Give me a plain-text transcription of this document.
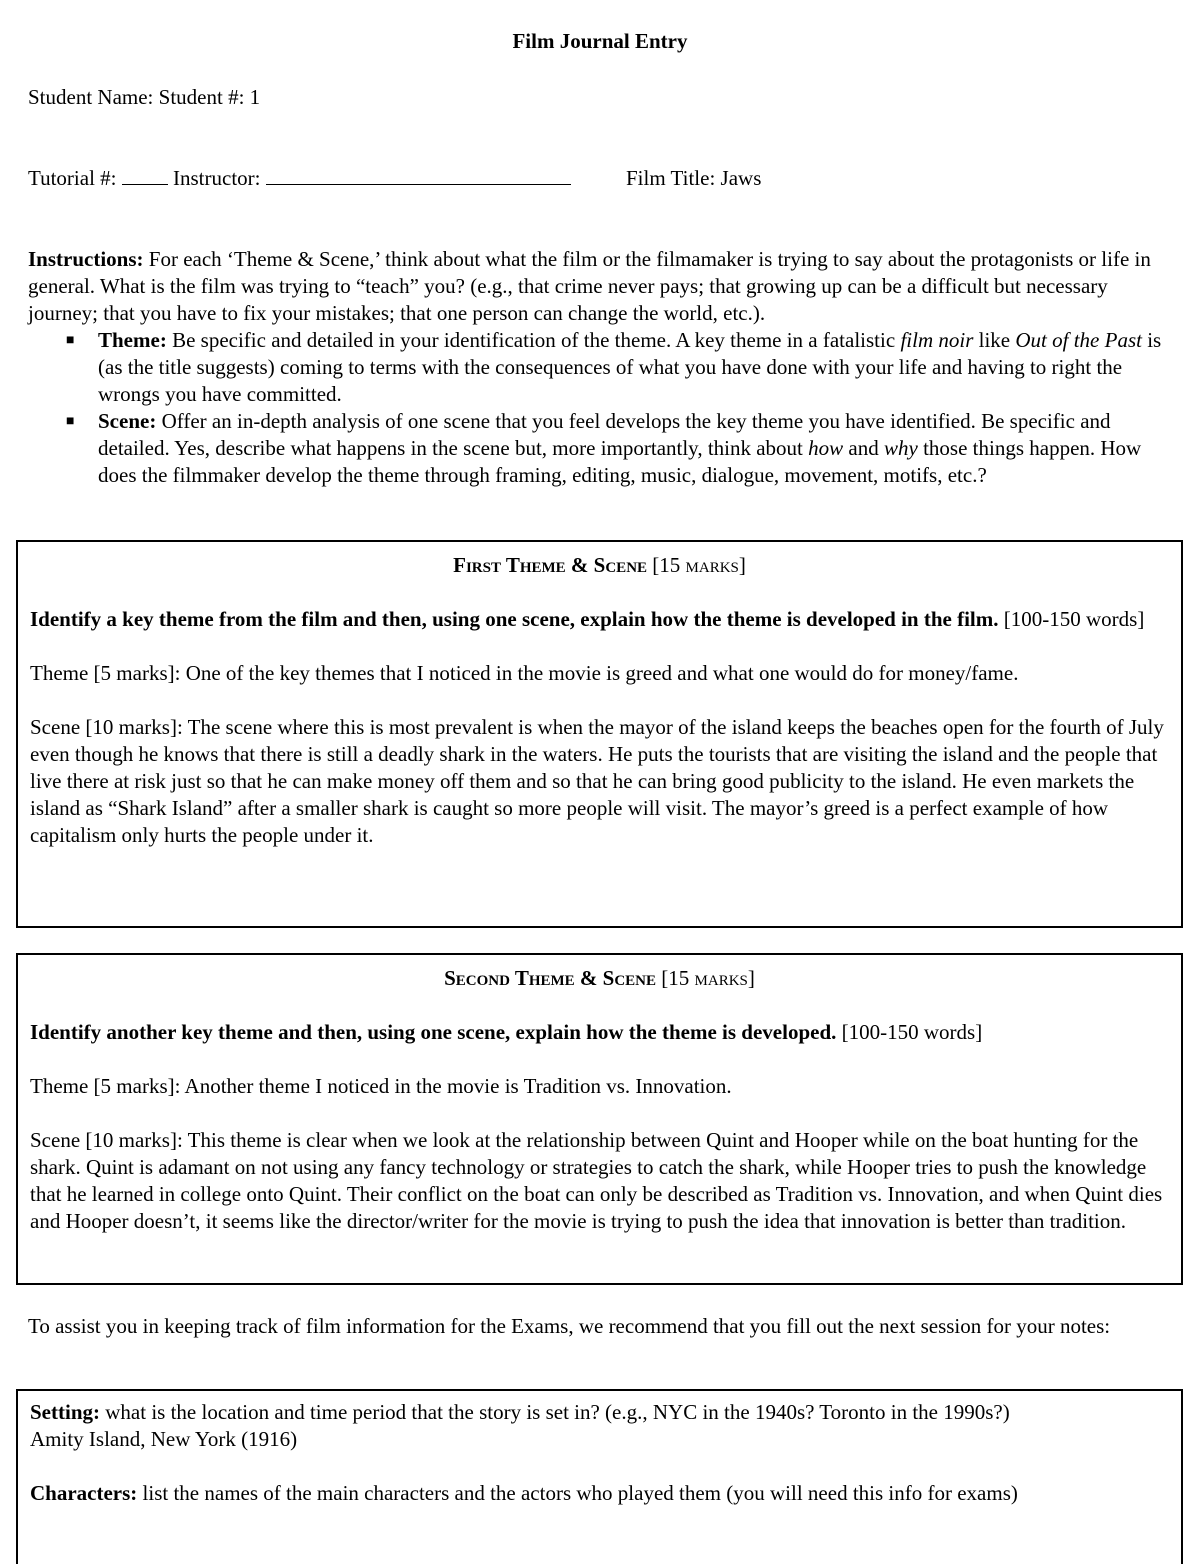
Film Journal Entry
Student Name: Student #: 1
Tutorial #:	Instructor:	Film Title: Jaws

Instructions: For each ‘Theme & Scene,’ think about what the film or the filmamaker is trying to say about the protagonists or life in general. What is the film was trying to “teach” you? (e.g., that crime never pays; that growing up can be a difficult but necessary journey; that you have to fix your mistakes; that one person can change the world, etc.).

■ Theme: Be specific and detailed in your identification of the theme. A key theme in a fatalistic film noir like Out of the Past is (as the title suggests) coming to terms with the consequences of what you have done with your life and having to right the wrongs you have committed.
■ Scene: Offer an in-depth analysis of one scene that you feel develops the key theme you have identified. Be specific and detailed. Yes, describe what happens in the scene but, more importantly, think about how and why those things happen. How does the filmmaker develop the theme through framing, editing, music, dialogue, movement, motifs, etc.?

First Theme & Scene [15 marks]

Identify a key theme from the film and then, using one scene, explain how the theme is developed in the film. [100-150 words]

Theme [5 marks]: One of the key themes that I noticed in the movie is greed and what one would do for money/fame.

Scene [10 marks]: The scene where this is most prevalent is when the mayor of the island keeps the beaches open for the fourth of July even though he knows that there is still a deadly shark in the waters. He puts the tourists that are visiting the island and the people that live there at risk just so that he can make money off them and so that he can bring good publicity to the island. He even markets the island as “Shark Island” after a smaller shark is caught so more people will visit. The mayor’s greed is a perfect example of how capitalism only hurts the people under it.

Second Theme & Scene [15 marks]

Identify another key theme and then, using one scene, explain how the theme is developed. [100-150 words]

Theme [5 marks]: Another theme I noticed in the movie is Tradition vs. Innovation.

Scene [10 marks]: This theme is clear when we look at the relationship between Quint and Hooper while on the boat hunting for the shark. Quint is adamant on not using any fancy technology or strategies to catch the shark, while Hooper tries to push the knowledge that he learned in college onto Quint. Their conflict on the boat can only be described as Tradition vs. Innovation, and when Quint dies and Hooper doesn’t, it seems like the director/writer for the movie is trying to push the idea that innovation is better than tradition.

To assist you in keeping track of film information for the Exams, we recommend that you fill out the next session for your notes:

Setting: what is the location and time period that the story is set in? (e.g., NYC in the 1940s? Toronto in the 1990s?)
Amity Island, New York (1916)

Characters: list the names of the main characters and the actors who played them (you will need this info for exams)
